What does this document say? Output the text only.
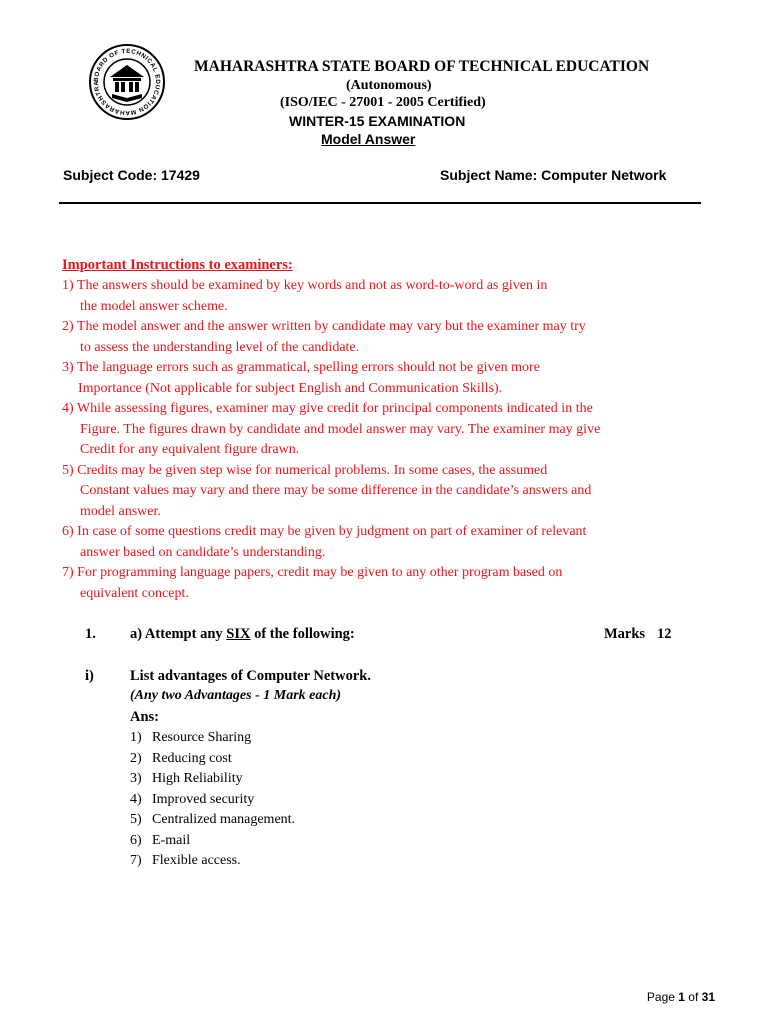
BOARD OF TECHNICAL EDUCATION MAHARASHTRA
MAHARASHTRA STATE BOARD OF TECHNICAL EDUCATION
(Autonomous)
(ISO/IEC - 27001 - 2005 Certified)
WINTER-15 EXAMINATION
Model Answer
Subject Code: 17429	Subject Name: Computer Network
Important Instructions to examiners:
1) The answers should be examined by key words and not as word-to-word as given in
the model answer scheme.
2) The model answer and the answer written by candidate may vary but the examiner may try
to assess the understanding level of the candidate.
3) The language errors such as grammatical, spelling errors should not be given more
Importance (Not applicable for subject English and Communication Skills).
4) While assessing figures, examiner may give credit for principal components indicated in the
Figure. The figures drawn by candidate and model answer may vary. The examiner may give
Credit for any equivalent figure drawn.
5) Credits may be given step wise for numerical problems. In some cases, the assumed
Constant values may vary and there may be some difference in the candidate’s answers and
model answer.
6) In case of some questions credit may be given by judgment on part of examiner of relevant
answer based on candidate’s understanding.
7) For programming language papers, credit may be given to any other program based on
equivalent concept.
1. a) Attempt any SIX of the following:	Marks 12
i) List advantages of Computer Network.
(Any two Advantages - 1 Mark each)
Ans:
1) Resource Sharing
2) Reducing cost
3) High Reliability
4) Improved security
5) Centralized management.
6) E-mail
7) Flexible access.
Page 1 of 31
